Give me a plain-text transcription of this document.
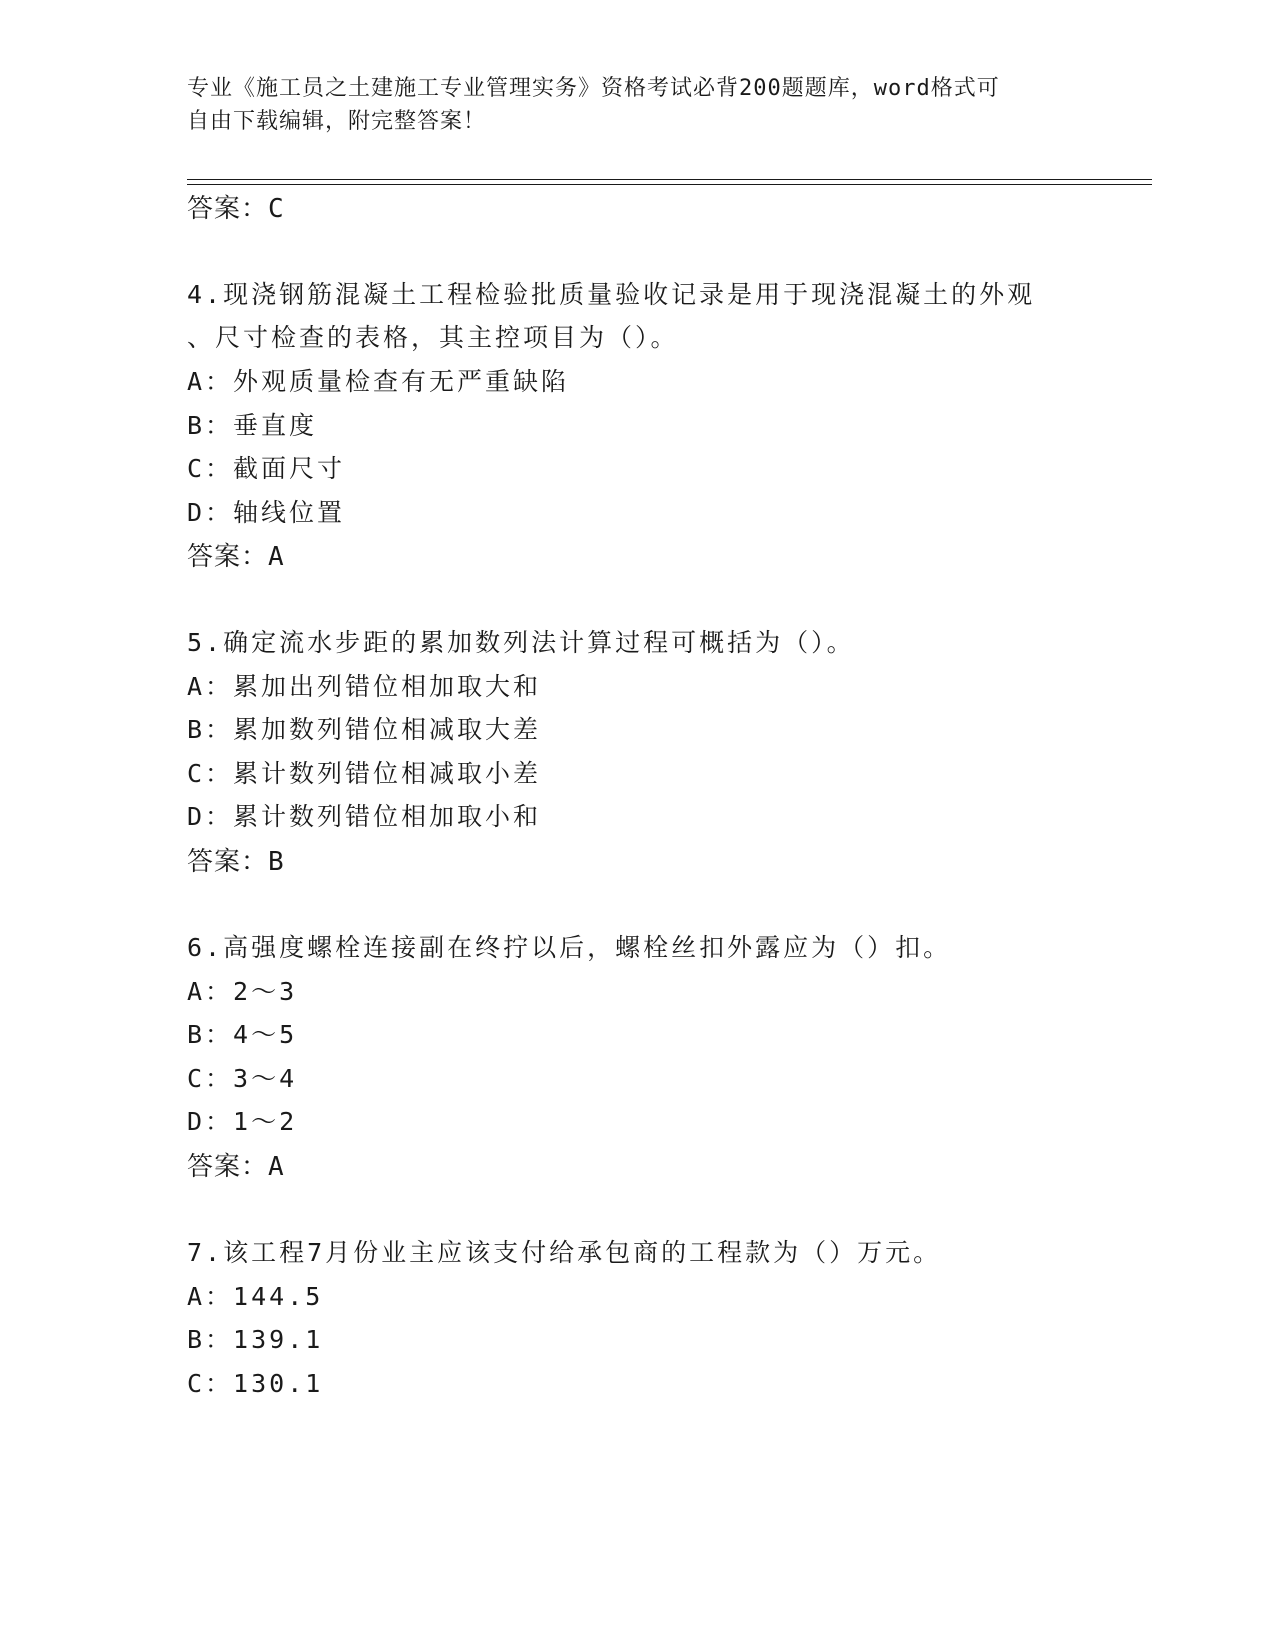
专业《施工员之土建施工专业管理实务》资格考试必背200题题库，word格式可
自由下载编辑，附完整答案！
答案：C
4.现浇钢筋混凝土工程检验批质量验收记录是用于现浇混凝土的外观
、尺寸检查的表格，其主控项目为（）。
A：外观质量检查有无严重缺陷
B：垂直度
C：截面尺寸
D：轴线位置
答案：A
5.确定流水步距的累加数列法计算过程可概括为（）。
A：累加出列错位相加取大和
B：累加数列错位相减取大差
C：累计数列错位相减取小差
D：累计数列错位相加取小和
答案：B
6.高强度螺栓连接副在终拧以后，螺栓丝扣外露应为（）扣。
A：2～3
B：4～5
C：3～4
D：1～2
答案：A
7.该工程7月份业主应该支付给承包商的工程款为（）万元。
A：144.5
B：139.1
C：130.1
